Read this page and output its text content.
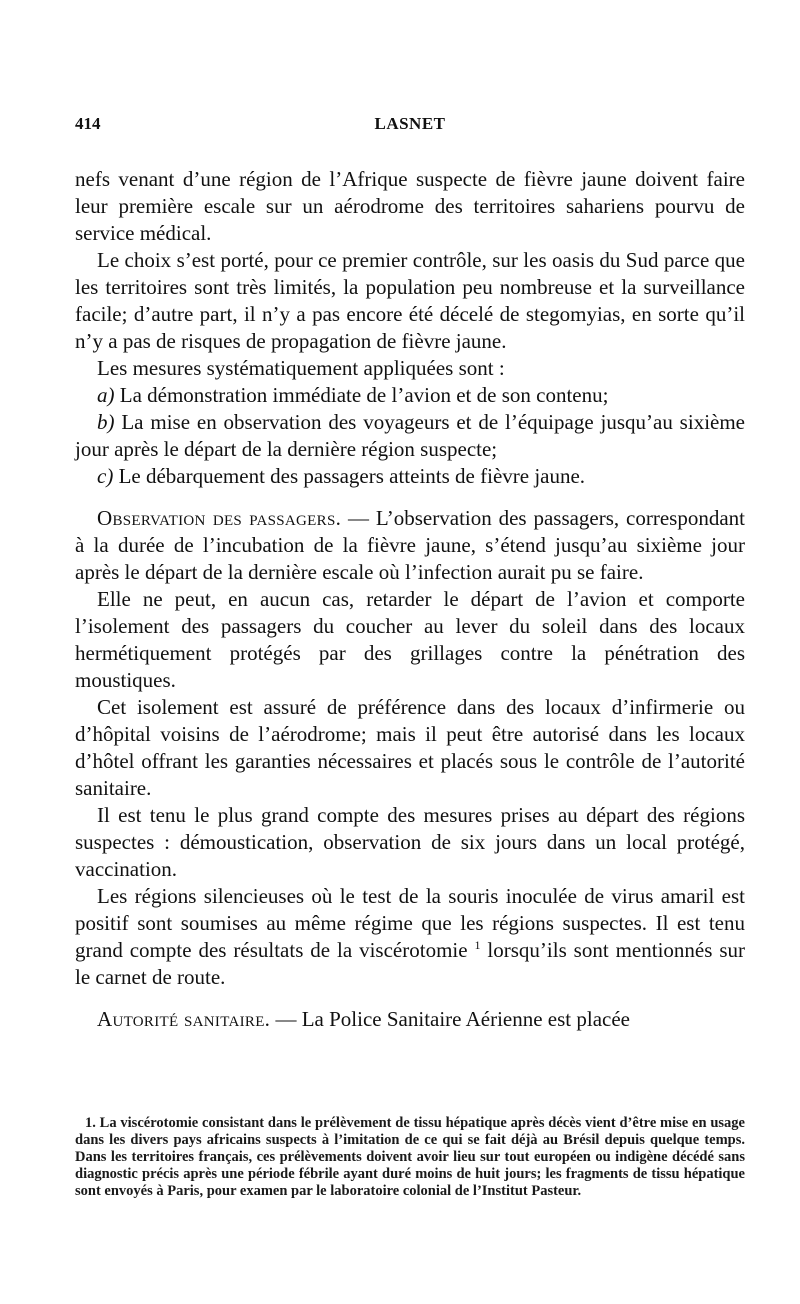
414	LASNET

nefs venant d’une région de l’Afrique suspecte de fièvre jaune doivent faire leur première escale sur un aérodrome des territoires sahariens pourvu de service médical.

Le choix s’est porté, pour ce premier contrôle, sur les oasis du Sud parce que les territoires sont très limités, la population peu nombreuse et la surveillance facile; d’autre part, il n’y a pas encore été décelé de stegomyias, en sorte qu’il n’y a pas de risques de propagation de fièvre jaune.

Les mesures systématiquement appliquées sont :

a) La démonstration immédiate de l’avion et de son contenu;

b) La mise en observation des voyageurs et de l’équipage jusqu’au sixième jour après le départ de la dernière région suspecte;

c) Le débarquement des passagers atteints de fièvre jaune.

Observation des passagers. — L’observation des passagers, correspondant à la durée de l’incubation de la fièvre jaune, s’étend jusqu’au sixième jour après le départ de la dernière escale où l’infection aurait pu se faire.

Elle ne peut, en aucun cas, retarder le départ de l’avion et comporte l’isolement des passagers du coucher au lever du soleil dans des locaux hermétiquement protégés par des grillages contre la pénétration des moustiques.

Cet isolement est assuré de préférence dans des locaux d’infirmerie ou d’hôpital voisins de l’aérodrome; mais il peut être autorisé dans les locaux d’hôtel offrant les garanties nécessaires et placés sous le contrôle de l’autorité sanitaire.

Il est tenu le plus grand compte des mesures prises au départ des régions suspectes : démoustication, observation de six jours dans un local protégé, vaccination.

Les régions silencieuses où le test de la souris inoculée de virus amaril est positif sont soumises au même régime que les régions suspectes. Il est tenu grand compte des résultats de la viscérotomie $^1$ lorsqu’ils sont mentionnés sur le carnet de route.

Autorité sanitaire. — La Police Sanitaire Aérienne est placée

1. La viscérotomie consistant dans le prélèvement de tissu hépatique après décès vient d’être mise en usage dans les divers pays africains suspects à l’imitation de ce qui se fait déjà au Brésil depuis quelque temps. Dans les territoires français, ces prélèvements doivent avoir lieu sur tout européen ou indigène décédé sans diagnostic précis après une période fébrile ayant duré moins de huit jours; les fragments de tissu hépatique sont envoyés à Paris, pour examen par le laboratoire colonial de l’Institut Pasteur.
